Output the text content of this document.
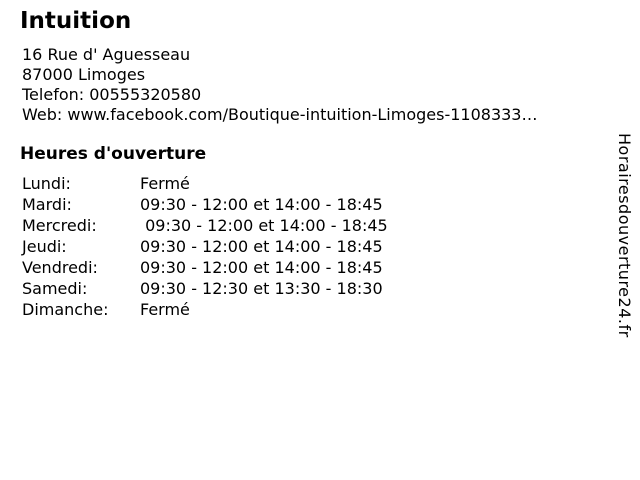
Intuition
16 Rue d' Aguesseau
87000 Limoges
Telefon: 00555320580
Web: www.facebook.com/Boutique-intuition-Limoges-1108333…
Heures d'ouverture
Lundi:	Fermé
Mardi:	09:30 - 12:00 et 14:00 - 18:45
Mercredi:	09:30 - 12:00 et 14:00 - 18:45
Jeudi:	09:30 - 12:00 et 14:00 - 18:45
Vendredi:	09:30 - 12:00 et 14:00 - 18:45
Samedi:	09:30 - 12:30 et 13:30 - 18:30
Dimanche:	Fermé	Horairesdouverture24.fr
